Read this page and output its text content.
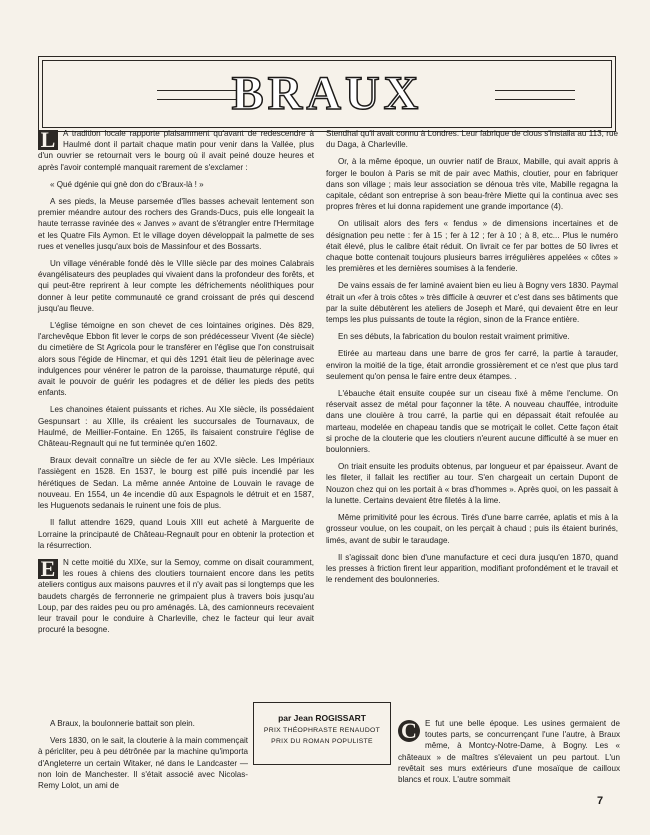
BRAUX

L A tradition locale rapporte plaisamment qu'avant de redescendre à Haulmé dont il partait chaque matin pour venir dans la Vallée, plus d'un ouvrier se retournait vers le bourg où il avait peiné douze heures et après l'avoir contemplé manquait rarement de s'exclamer :

« Qué dgénie qui gnè don do c'Braux-là ! »

A ses pieds, la Meuse parsemée d'îles basses achevait lentement son premier méandre autour des rochers des Grands-Ducs, puis elle longeait la haute terrasse ravinée des « Janves » avant de s'étrangler entre l'Hermitage et les Quatre Fils Aymon. Et le village doyen développait la palmette de ses rues et venelles jusqu'aux bois de Massinfour et des Bossarts.

Un village vénérable fondé dès le VIIIe siècle par des moines Calabrais évangélisateurs des peuplades qui vivaient dans la profondeur des forêts, et qui peut-être reprirent à leur compte les défrichements néolithiques pour donner à leur petite communauté ce grand croissant de prés qui descend jusqu'au fleuve.

L'église témoigne en son chevet de ces lointaines origines. Dès 829, l'archevêque Ebbon fit lever le corps de son prédécesseur Vivent (4e siècle) du cimetière de St Agricola pour le transférer en l'église que l'on construisait alors sous l'égide de Hincmar, et qui dès 1291 était lieu de pèlerinage avec indulgences pour vénérer le patron de la paroisse, thaumaturge réputé, qui avait le pouvoir de guérir les podagres et de délier les pieds des petits enfants.

Les chanoines étaient puissants et riches. Au XIe siècle, ils possédaient Gespunsart : au XIIIe, ils créaient les succursales de Tournavaux, de Haulmé, de Meillier-Fontaine. En 1265, ils faisaient construire l'église de Château-Regnault qui ne fut terminée qu'en 1602.

Braux devait connaître un siècle de fer au XVIe siècle. Les Impériaux l'assiègent en 1528. En 1537, le bourg est pillé puis incendié par les hérétiques de Sedan. La même année Antoine de Louvain le ravage de nouveau. En 1554, un 4e incendie dû aux Espagnols le détruit et en 1587, les Huguenots sedanais le ruinent une fois de plus.

Il fallut attendre 1629, quand Louis XIII eut acheté à Marguerite de Lorraine la principauté de Château-Regnault pour en obtenir la protection et la résurrection.

E N cette moitié du XIXe, sur la Semoy, comme on disait couramment, les roues à chiens des cloutiers tournaient encore dans les petits ateliers contigus aux maisons pauvres et il n'y avait pas si longtemps que les baudets chargés de ferronnerie ne grimpaient plus à travers bois jusqu'au Loup, par des raides peu ou pro aménagés. Là, des camionneurs recevaient leur travail pour le conduire à Charleville, chez le facteur qui leur avait procuré la besogne.

Stendhal qu'il avait connu à Londres. Leur fabrique de clous s'installa au 113, rue du Daga, à Charleville.

Or, à la même époque, un ouvrier natif de Braux, Mabille, qui avait appris à forger le boulon à Paris se mit de pair avec Mathis, cloutier, pour en fabriquer dans son village ; mais leur association se dénoua très vite, Mabille regagna la capitale, cédant son entreprise à son beau-frère Miette qui la continua avec ses propres frères et lui donna rapidement une grande importance (4).

On utilisait alors des fers « fendus » de dimensions incertaines et de désignation peu nette : fer à 15 ; fer à 12 ; fer à 10 ; à 8, etc... Plus le numéro était élevé, plus le calibre était réduit. On livrait ce fer par bottes de 50 livres et chaque botte contenait toujours plusieurs barres irrégulières appelées « côtes » les premières et les dernières soumises à la fenderie.

De vains essais de fer laminé avaient bien eu lieu à Bogny vers 1830. Paymal étrait un «fer à trois côtes » très difficile à œuvrer et c'est dans ses bâtiments que par la suite débutèrent les ateliers de Joseph et Maré, qui devaient être en leur temps les plus puissants de toute la région, sinon de la France entière.

En ses débuts, la fabrication du boulon restait vraiment primitive.

Etirée au marteau dans une barre de gros fer carré, la partie à tarauder, environ la moitié de la tige, était arrondie grossièrement et ce n'est que plus tard seulement qu'on pensa le faire entre deux étampes. .

L'ébauche était ensuite coupée sur un ciseau fixé à même l'enclume. On réservait assez de métal pour façonner la tête. A nouveau chauffée, introduite dans une clouière à trou carré, la partie qui en dépassait était refoulée au marteau, modelée en chapeau tandis que se motriçait le collet. Cette façon était si proche de la clouterie que les cloutiers n'eurent aucune difficulté à se muer en boulonniers.

On triait ensuite les produits obtenus, par longueur et par épaisseur. Avant de les fileter, il fallait les rectifier au tour. S'en chargeait un certain Dupont de Nouzon chez qui on les portait à « bras d'hommes ». Après quoi, on les passait à la lunette. Certains devaient être filetés à la lime.

Même primitivité pour les écrous. Tirés d'une barre carrée, aplatis et mis à la grosseur voulue, on les coupait, on les perçait à chaud ; puis ils étaient burinés, limés, avant de subir le taraudage.

Il s'agissait donc bien d'une manufacture et ceci dura jusqu'en 1870, quand les presses à friction firent leur apparition, modifiant profondément et le travail et le rendement des boulonneries.

A Braux, la boulonnerie battait son plein.

Vers 1830, on le sait, la clouterie à la main commençait à péricliter, peu à peu détrônée par la machine qu'importa d'Angleterre un certain Witaker, né dans le Landcaster — non loin de Manchester. Il s'était associé avec Nicolas-Remy Lolot, un ami de

par Jean ROGISSART
PRIX THÉOPHRASTE RENAUDOT
PRIX DU ROMAN POPULISTE	C E fut une belle époque. Les usines germaient de toutes parts, se concurrençant l'une l'autre, à Braux même, à Montcy-Notre-Dame, à Bogny. Les « châteaux » de maîtres s'élevaient un peu partout. L'un revêtait ses murs extérieurs d'une mosaïque de cailloux blancs et roux. L'autre sommait

7
